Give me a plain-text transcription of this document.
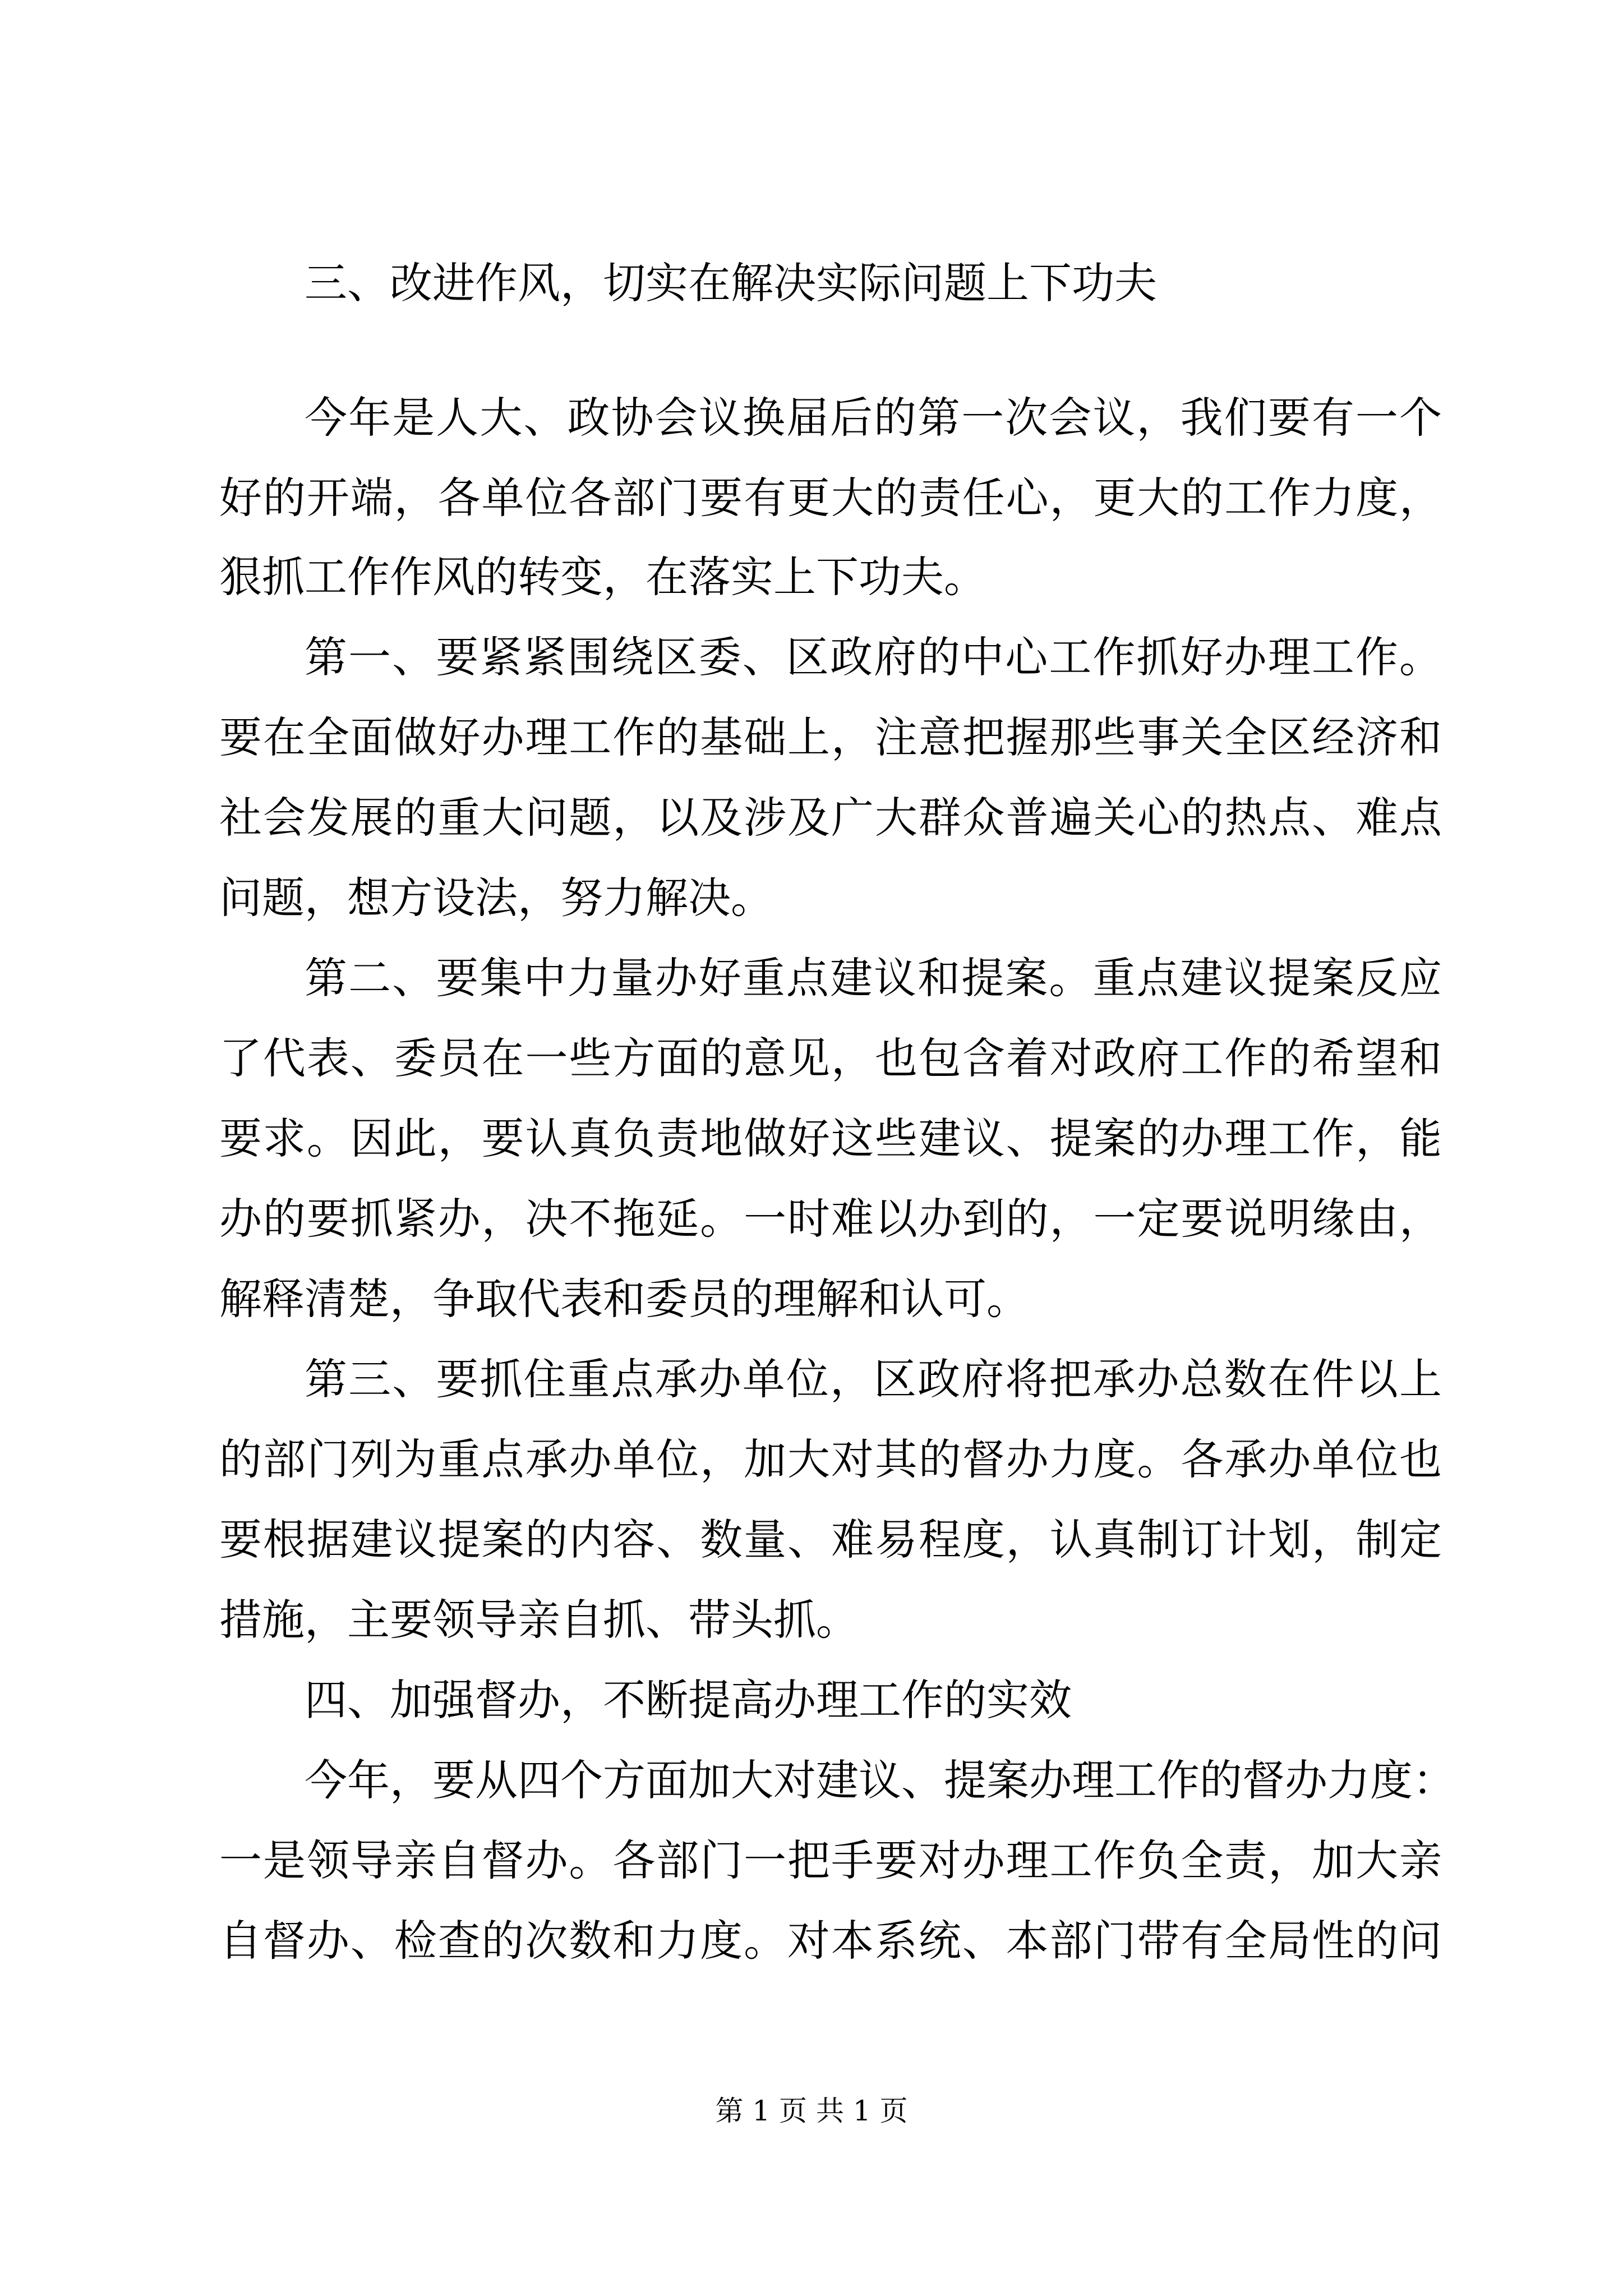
三、改进作风，切实在解决实际问题上下功夫
今年是人大、政协会议换届后的第一次会议，我们要有一个
好的开端，各单位各部门要有更大的责任心，更大的工作力度，
狠抓工作作风的转变，在落实上下功夫。
第一、要紧紧围绕区委、区政府的中心工作抓好办理工作。
要在全面做好办理工作的基础上，注意把握那些事关全区经济和
社会发展的重大问题，以及涉及广大群众普遍关心的热点、难点
问题，想方设法，努力解决。
第二、要集中力量办好重点建议和提案。重点建议提案反应
了代表、委员在一些方面的意见，也包含着对政府工作的希望和
要求。因此，要认真负责地做好这些建议、提案的办理工作，能
办的要抓紧办，决不拖延。一时难以办到的，一定要说明缘由，
解释清楚，争取代表和委员的理解和认可。
第三、要抓住重点承办单位，区政府将把承办总数在件以上
的部门列为重点承办单位，加大对其的督办力度。各承办单位也
要根据建议提案的内容、数量、难易程度，认真制订计划，制定
措施，主要领导亲自抓、带头抓。
四、加强督办，不断提高办理工作的实效
今年，要从四个方面加大对建议、提案办理工作的督办力度：
一是领导亲自督办。各部门一把手要对办理工作负全责，加大亲
自督办、检查的次数和力度。对本系统、本部门带有全局性的问
第 1 页 共 1 页
